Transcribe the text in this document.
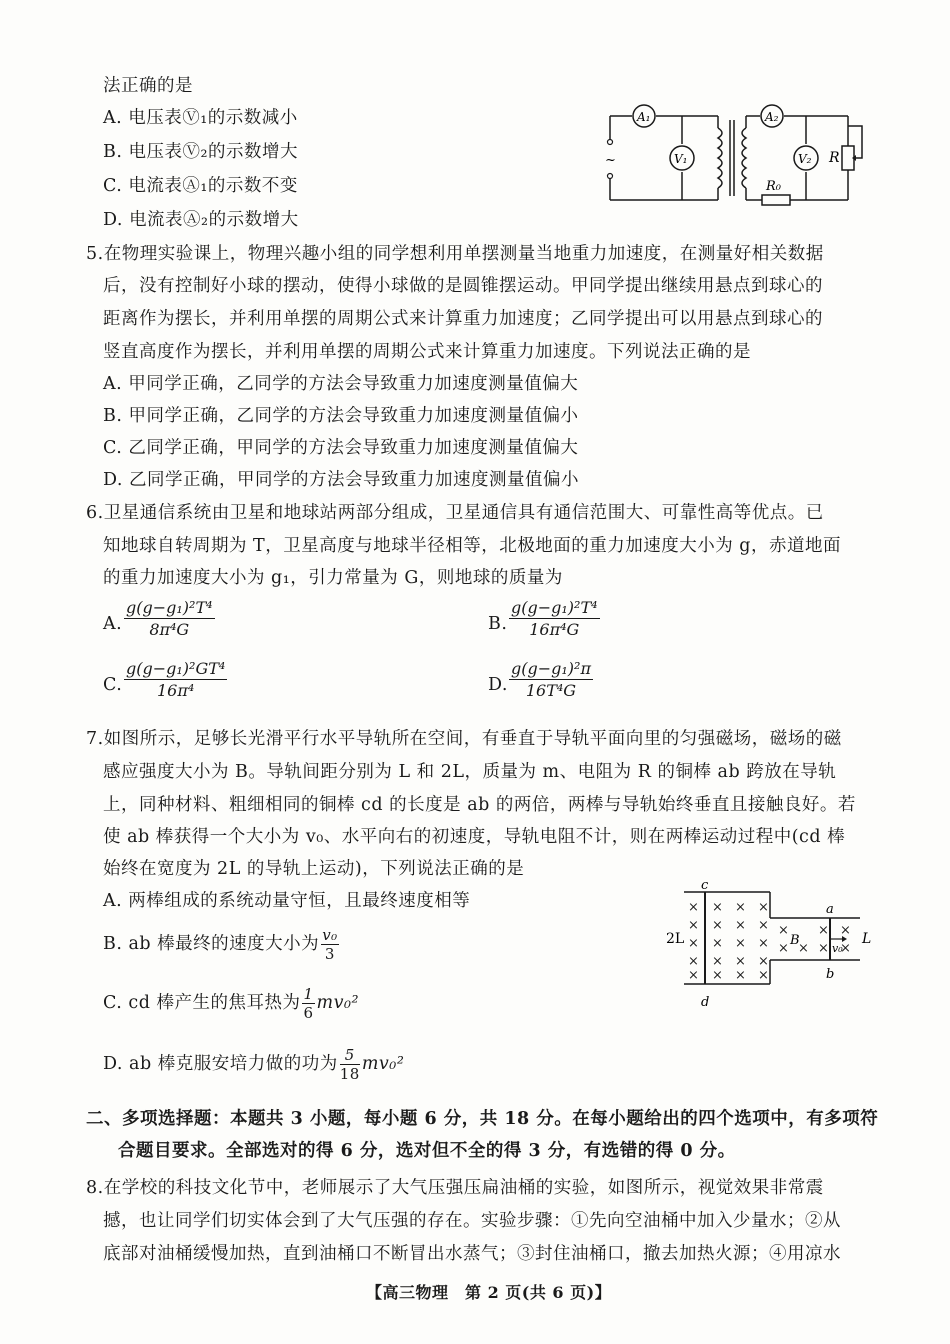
法正确的是
A. 电压表Ⓥ₁的示数减小
B. 电压表Ⓥ₂的示数增大
C. 电流表Ⓐ₁的示数不变
D. 电流表Ⓐ₂的示数增大
~
A₁
V₁
A₂
V₂ R
R₀
5.在物理实验课上，物理兴趣小组的同学想利用单摆测量当地重力加速度，在测量好相关数据
后，没有控制好小球的摆动，使得小球做的是圆锥摆运动。甲同学提出继续用悬点到球心的
距离作为摆长，并利用单摆的周期公式来计算重力加速度；乙同学提出可以用悬点到球心的
竖直高度作为摆长，并利用单摆的周期公式来计算重力加速度。下列说法正确的是
A. 甲同学正确，乙同学的方法会导致重力加速度测量值偏大
B. 甲同学正确，乙同学的方法会导致重力加速度测量值偏小
C. 乙同学正确，甲同学的方法会导致重力加速度测量值偏大
D. 乙同学正确，甲同学的方法会导致重力加速度测量值偏小
6.卫星通信系统由卫星和地球站两部分组成，卫星通信具有通信范围大、可靠性高等优点。已
知地球自转周期为 T，卫星高度与地球半径相等，北极地面的重力加速度大小为 g，赤道地面
的重力加速度大小为 g₁，引力常量为 G，则地球的质量为
A. $\frac{\text{g(g−g₁)²T⁴}}{\text{8π⁴G}}$	B. $\frac{\text{g(g−g₁)²T⁴}}{\text{16π⁴G}}$
C. $\frac{\text{g(g−g₁)²GT⁴}}{\text{16π⁴}}$	D. $\frac{\text{g(g−g₁)²π}}{\text{16T⁴G}}$
7.如图所示，足够长光滑平行水平导轨所在空间，有垂直于导轨平面向里的匀强磁场，磁场的磁
感应强度大小为 B。导轨间距分别为 L 和 2L，质量为 m、电阻为 R 的铜棒 ab 跨放在导轨
上，同种材料、粗细相同的铜棒 cd 的长度是 ab 的两倍，两棒与导轨始终垂直且接触良好。若
使 ab 棒获得一个大小为 v₀、水平向右的初速度，导轨电阻不计，则在两棒运动过程中(cd 棒
始终在宽度为 2L 的导轨上运动)，下列说法正确的是
A. 两棒组成的系统动量守恒，且最终速度相等
B. ab 棒最终的速度大小为 $\frac{\text{v₀}}{3}$
C. cd 棒产生的焦耳热为 $\frac{1}{6} mv_0^2$
D. ab 棒克服安培力做的功为 $\frac{5}{18} mv_0^2$
×
×
×
×
×
×
×
×
×
×
×
×
×
×
×
×
×
×
×
×
×
× ×
×
×
×
×
c
d
a
b
2L	L
B
v₀
二、多项选择题：本题共 3 小题，每小题 6 分，共 18 分。在每小题给出的四个选项中，有多项符
合题目要求。全部选对的得 6 分，选对但不全的得 3 分，有选错的得 0 分。
8.在学校的科技文化节中，老师展示了大气压强压扁油桶的实验，如图所示，视觉效果非常震
撼，也让同学们切实体会到了大气压强的存在。实验步骤：①先向空油桶中加入少量水；②从
底部对油桶缓慢加热，直到油桶口不断冒出水蒸气；③封住油桶口，撤去加热火源；④用凉水
【高三物理　第 2 页(共 6 页)】
